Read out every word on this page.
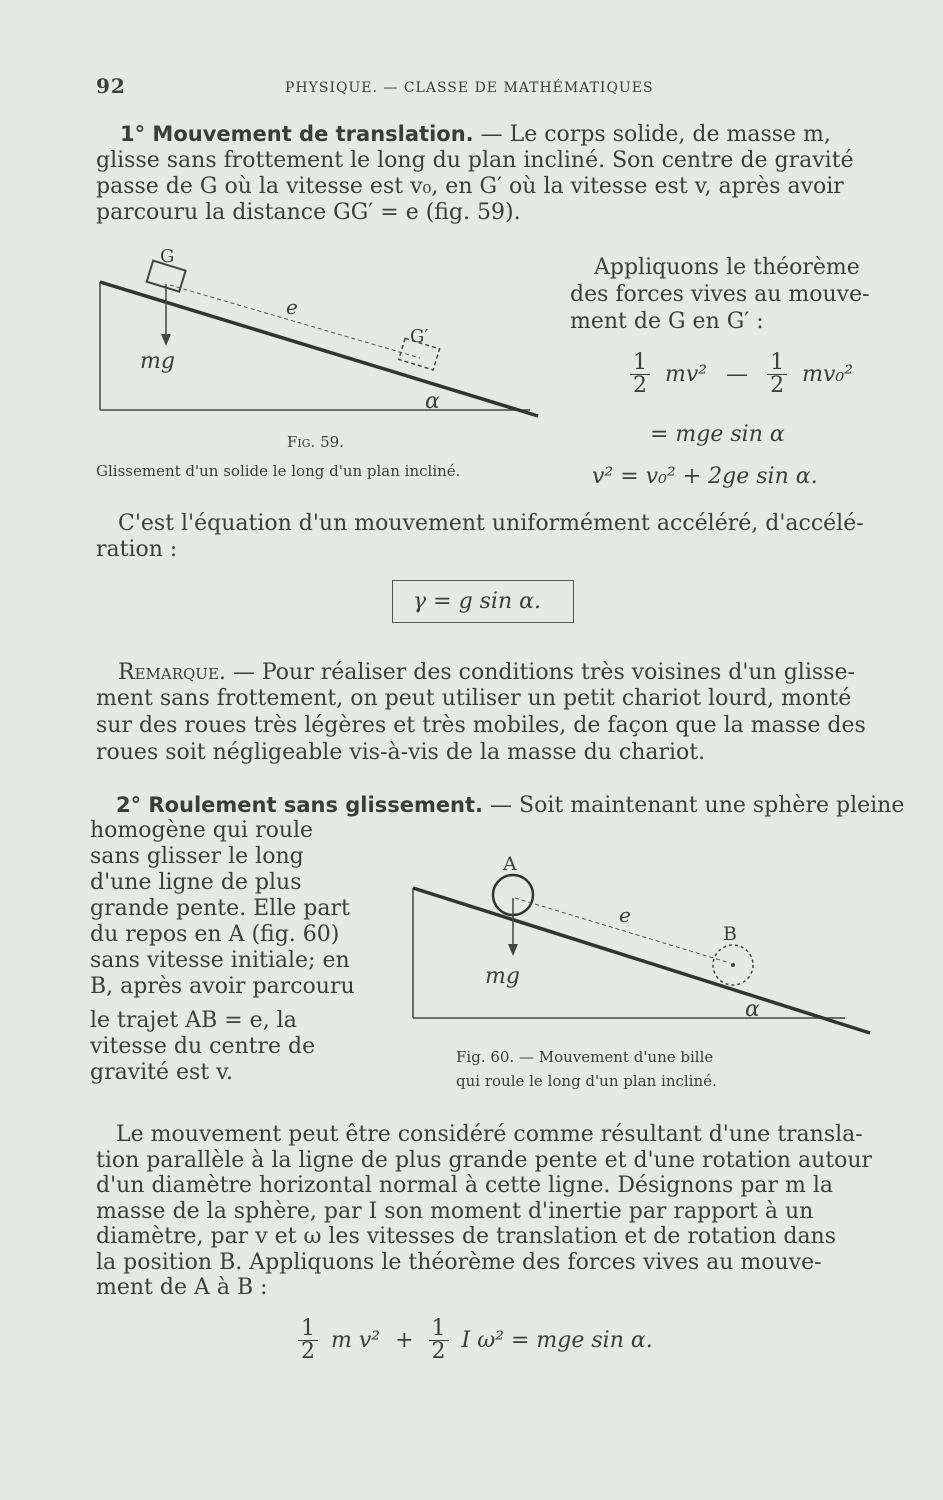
92	PHYSIQUE. — CLASSE DE MATHÉMATIQUES
1° Mouvement de translation. — Le corps solide, de masse m,
glisse sans frottement le long du plan incliné. Son centre de gravité
passe de G où la vitesse est v₀, en G′ où la vitesse est v, après avoir
parcouru la distance GG′ = e (fig. 59).
G
e
G′
mg
α
Fig. 59.
Glissement d'un solide le long d'un plan incliné.
Appliquons le théorème
des forces vives au mouve-
ment de G en G′ :
$\frac{1}{2} mv^2$ — $\frac{1}{2} mv_0^2$
= mge sin α
v² = v₀² + 2ge sin α.
C'est l'équation d'un mouvement uniformément accéléré, d'accélé-
ration :
γ = g sin α.
Remarque. — Pour réaliser des conditions très voisines d'un glisse-
ment sans frottement, on peut utiliser un petit chariot lourd, monté
sur des roues très légères et très mobiles, de façon que la masse des
roues soit négligeable vis-à-vis de la masse du chariot.
2° Roulement sans glissement. — Soit maintenant une sphère pleine
homogène qui roule
sans glisser le long
d'une ligne de plus
grande pente. Elle part
du repos en A (fig. 60)
sans vitesse initiale; en
B, après avoir parcouru
le trajet AB = e, la
vitesse du centre de
gravité est v.
A
B
e
mg
α
Fig. 60. — Mouvement d'une bille
qui roule le long d'un plan incliné.
Le mouvement peut être considéré comme résultant d'une transla-
tion parallèle à la ligne de plus grande pente et d'une rotation autour
d'un diamètre horizontal normal à cette ligne. Désignons par m la
masse de la sphère, par I son moment d'inertie par rapport à un
diamètre, par v et ω les vitesses de translation et de rotation dans
la position B. Appliquons le théorème des forces vives au mouve-
ment de A à B :
$\frac{1}{2}$ m $v^2 + \frac{1}{2}$ I ω² = mge sin α.
